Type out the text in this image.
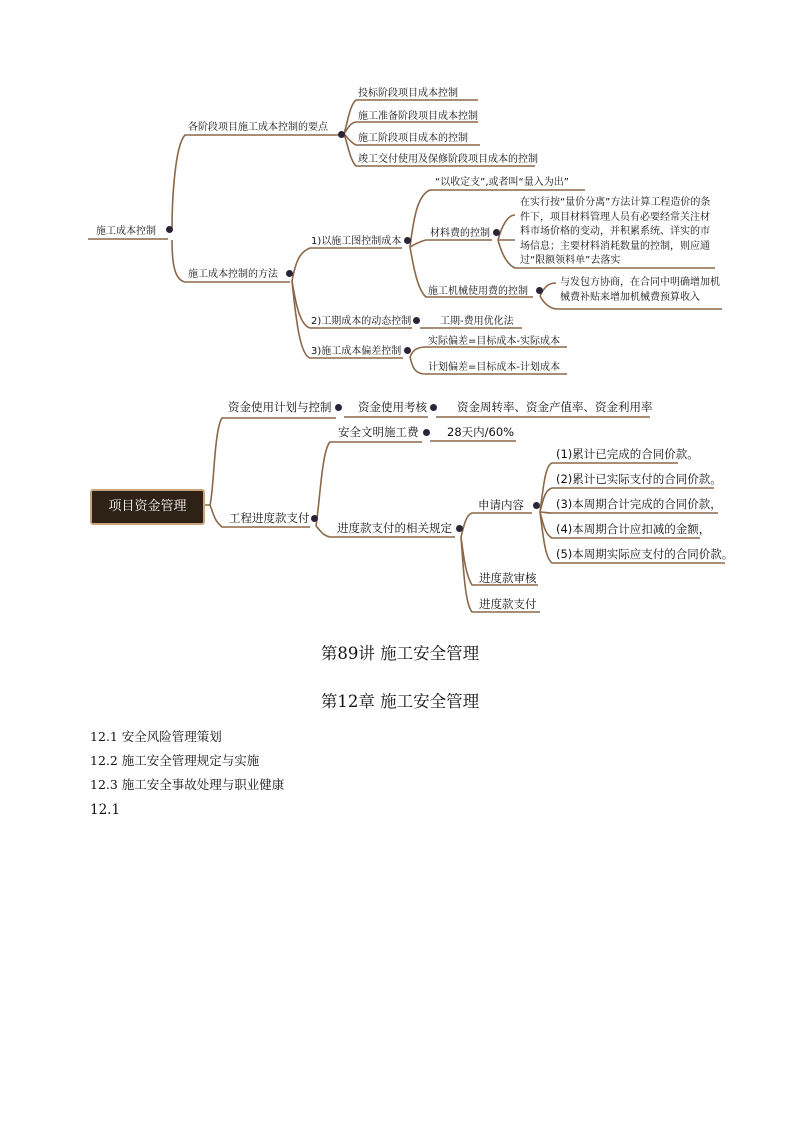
施工成本控制
各阶段项目施工成本控制的要点
投标阶段项目成本控制
施工准备阶段项目成本控制
施工阶段项目成本的控制
竣工交付使用及保修阶段项目成本的控制
施工成本控制的方法
1)以施工图控制成本
“以收定支”,或者叫“量入为出”
材料费的控制
在实行按“量价分离”方法计算工程造价的条件下，项目材料管理人员有必要经常关注材料市场价格的变动，并积累系统、详实的市场信息；主要材料消耗数量的控制，则应通过“限额领料单”去落实
施工机械使用费的控制
与发包方协商，在合同中明确增加机械费补贴来增加机械费预算收入
2)工期成本的动态控制	工期-费用优化法
3)施工成本偏差控制
实际偏差=目标成本-实际成本
计划偏差=目标成本-计划成本
项目资金管理
资金使用计划与控制 资金使用考核	资金周转率、资金产值率、资金利用率
工程进度款支付
安全文明施工费 28天内/60%
进度款支付的相关规定
申请内容
(1)累计已完成的合同价款。
(2)累计已实际支付的合同价款。
(3)本周期合计完成的合同价款，
(4)本周期合计应扣减的金额，
(5)本周期实际应支付的合同价款。
进度款审核
进度款支付
第89讲 施工安全管理
第12章 施工安全管理
12.1 安全风险管理策划
12.2 施工安全管理规定与实施
12.3 施工安全事故处理与职业健康
12.1
